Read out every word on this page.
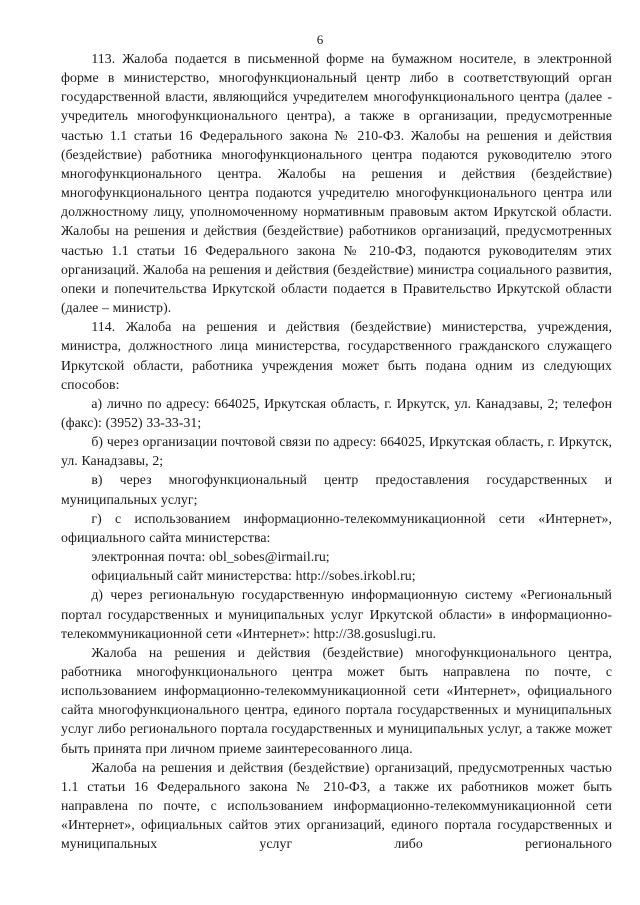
6

113. Жалоба подается в письменной форме на бумажном носителе, в электронной форме в министерство, многофункциональный центр либо в соответствующий орган государственной власти, являющийся учредителем многофункционального центра (далее - учредитель многофункционального центра), а также в организации, предусмотренные частью 1.1 статьи 16 Федерального закона № 210-ФЗ. Жалобы на решения и действия (бездействие) работника многофункционального центра подаются руководителю этого многофункционального центра. Жалобы на решения и действия (бездействие) многофункционального центра подаются учредителю многофункционального центра или должностному лицу, уполномоченному нормативным правовым актом Иркутской области. Жалобы на решения и действия (бездействие) работников организаций, предусмотренных частью 1.1 статьи 16 Федерального закона № 210-ФЗ, подаются руководителям этих организаций. Жалоба на решения и действия (бездействие) министра социального развития, опеки и попечительства Иркутской области подается в Правительство Иркутской области (далее – министр).

114. Жалоба на решения и действия (бездействие) министерства, учреждения, министра, должностного лица министерства, государственного гражданского служащего Иркутской области, работника учреждения может быть подана одним из следующих способов:

а) лично по адресу: 664025, Иркутская область, г. Иркутск, ул. Канадзавы, 2; телефон (факс): (3952) 33-33-31;

б) через организации почтовой связи по адресу: 664025, Иркутская область, г. Иркутск, ул. Канадзавы, 2;

в) через многофункциональный центр предоставления государственных и муниципальных услуг;

г) с использованием информационно-телекоммуникационной сети «Интернет», официального сайта министерства:

электронная почта: obl_sobes@irmail.ru;

официальный сайт министерства: http://sobes.irkobl.ru;

д) через региональную государственную информационную систему «Региональный портал государственных и муниципальных услуг Иркутской области» в информационно-телекоммуникационной сети «Интернет»: http://38.gosuslugi.ru.

Жалоба на решения и действия (бездействие) многофункционального центра, работника многофункционального центра может быть направлена по почте, с использованием информационно-телекоммуникационной сети «Интернет», официального сайта многофункционального центра, единого портала государственных и муниципальных услуг либо регионального портала государственных и муниципальных услуг, а также может быть принята при личном приеме заинтересованного лица.

Жалоба на решения и действия (бездействие) организаций, предусмотренных частью 1.1 статьи 16 Федерального закона № 210-ФЗ, а также их работников может быть направлена по почте, с использованием информационно-телекоммуникационной сети «Интернет», официальных сайтов этих организаций, единого портала государственных и муниципальных услуг либо регионального
